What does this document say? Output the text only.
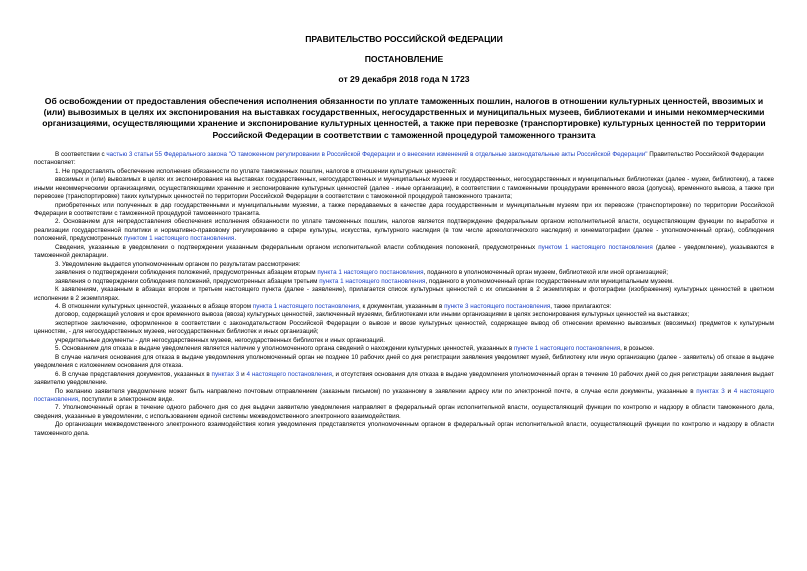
ПРАВИТЕЛЬСТВО РОССИЙСКОЙ ФЕДЕРАЦИИ
ПОСТАНОВЛЕНИЕ
от 29 декабря 2018 года N 1723
Об освобождении от предоставления обеспечения исполнения обязанности по уплате таможенных пошлин, налогов в отношении культурных ценностей, ввозимых и (или) вывозимых в целях их экспонирования на выставках государственных, негосударственных и муниципальных музеев, библиотеками и иными некоммерческими организациями, осуществляющими хранение и экспонирование культурных ценностей, а также при перевозке (транспортировке) культурных ценностей по территории Российской Федерации в соответствии с таможенной процедурой таможенного транзита

В соответствии с частью 3 статьи 55 Федерального закона "О таможенном регулировании в Российской Федерации и о внесении изменений в отдельные законодательные акты Российской Федерации" Правительство Российской Федерации

постановляет:

1. Не предоставлять обеспечение исполнения обязанности по уплате таможенных пошлин, налогов в отношении культурных ценностей:

ввозимых и (или) вывозимых в целях их экспонирования на выставках государственных, негосударственных и муниципальных музеев и государственных, негосударственных и муниципальных библиотеках (далее - музеи, библиотеки), а также иными некоммерческими организациями, осуществляющими хранение и экспонирование культурных ценностей (далее - иные организации), в соответствии с таможенными процедурами временного ввоза (допуска), временного вывоза, а также при перевозке (транспортировке) таких культурных ценностей по территории Российской Федерации в соответствии с таможенной процедурой таможенного транзита;

приобретенных или полученных в дар государственными и муниципальными музеями, а также передаваемых в качестве дара государственным и муниципальным музеям при их перевозке (транспортировке) по территории Российской Федерации в соответствии с таможенной процедурой таможенного транзита.

2. Основанием для непредоставления обеспечения исполнения обязанности по уплате таможенных пошлин, налогов является подтверждение федеральным органом исполнительной власти, осуществляющим функции по выработке и реализации государственной политики и нормативно-правовому регулированию в сфере культуры, искусства, культурного наследия (в том числе археологического наследия) и кинематографии (далее - уполномоченный орган), соблюдения положений, предусмотренных пунктом 1 настоящего постановления.

Сведения, указанные в уведомлении о подтверждении указанным федеральным органом исполнительной власти соблюдения положений, предусмотренных пунктом 1 настоящего постановления (далее - уведомление), указываются в таможенной декларации.

3. Уведомление выдается уполномоченным органом по результатам рассмотрения:

заявления о подтверждении соблюдения положений, предусмотренных абзацем вторым пункта 1 настоящего постановления, поданного в уполномоченный орган музеем, библиотекой или иной организацией;

заявления о подтверждении соблюдения положений, предусмотренных абзацем третьим пункта 1 настоящего постановления, поданного в уполномоченный орган государственным или муниципальным музеем.

К заявлениям, указанным в абзацах втором и третьем настоящего пункта (далее - заявление), прилагается список культурных ценностей с их описанием в 2 экземплярах и фотографии (изображения) культурных ценностей в цветном исполнении в 2 экземплярах.

4. В отношении культурных ценностей, указанных в абзаце втором пункта 1 настоящего постановления, к документам, указанным в пункте 3 настоящего постановления, также прилагаются:

договор, содержащий условия и срок временного вывоза (ввоза) культурных ценностей, заключенный музеями, библиотеками или иными организациями в целях экспонирования культурных ценностей на выставках;

экспертное заключение, оформленное в соответствии с законодательством Российской Федерации о вывозе и ввозе культурных ценностей, содержащее вывод об отнесении временно вывозимых (ввозимых) предметов к культурным ценностям, - для негосударственных музеев, негосударственных библиотек и иных организаций;

учредительные документы - для негосударственных музеев, негосударственных библиотек и иных организаций.

5. Основанием для отказа в выдаче уведомления является наличие у уполномоченного органа сведений о нахождении культурных ценностей, указанных в пункте 1 настоящего постановления, в розыске.

В случае наличия основания для отказа в выдаче уведомления уполномоченный орган не позднее 10 рабочих дней со дня регистрации заявления уведомляет музей, библиотеку или иную организацию (далее - заявитель) об отказе в выдаче уведомления с изложением основания для отказа.

6. В случае представления документов, указанных в пунктах 3 и 4 настоящего постановления, и отсутствия основания для отказа в выдаче уведомления уполномоченный орган в течение 10 рабочих дней со дня регистрации заявления выдает заявителю уведомление.

По желанию заявителя уведомление может быть направлено почтовым отправлением (заказным письмом) по указанному в заявлении адресу или по электронной почте, в случае если документы, указанные в пунктах 3 и 4 настоящего постановления, поступили в электронном виде.

7. Уполномоченный орган в течение одного рабочего дня со дня выдачи заявителю уведомления направляет в федеральный орган исполнительной власти, осуществляющий функции по контролю и надзору в области таможенного дела, сведения, указанные в уведомлении, с использованием единой системы межведомственного электронного взаимодействия.

До организации межведомственного электронного взаимодействия копия уведомления представляется уполномоченным органом в федеральный орган исполнительной власти, осуществляющий функции по контролю и надзору в области таможенного дела.
